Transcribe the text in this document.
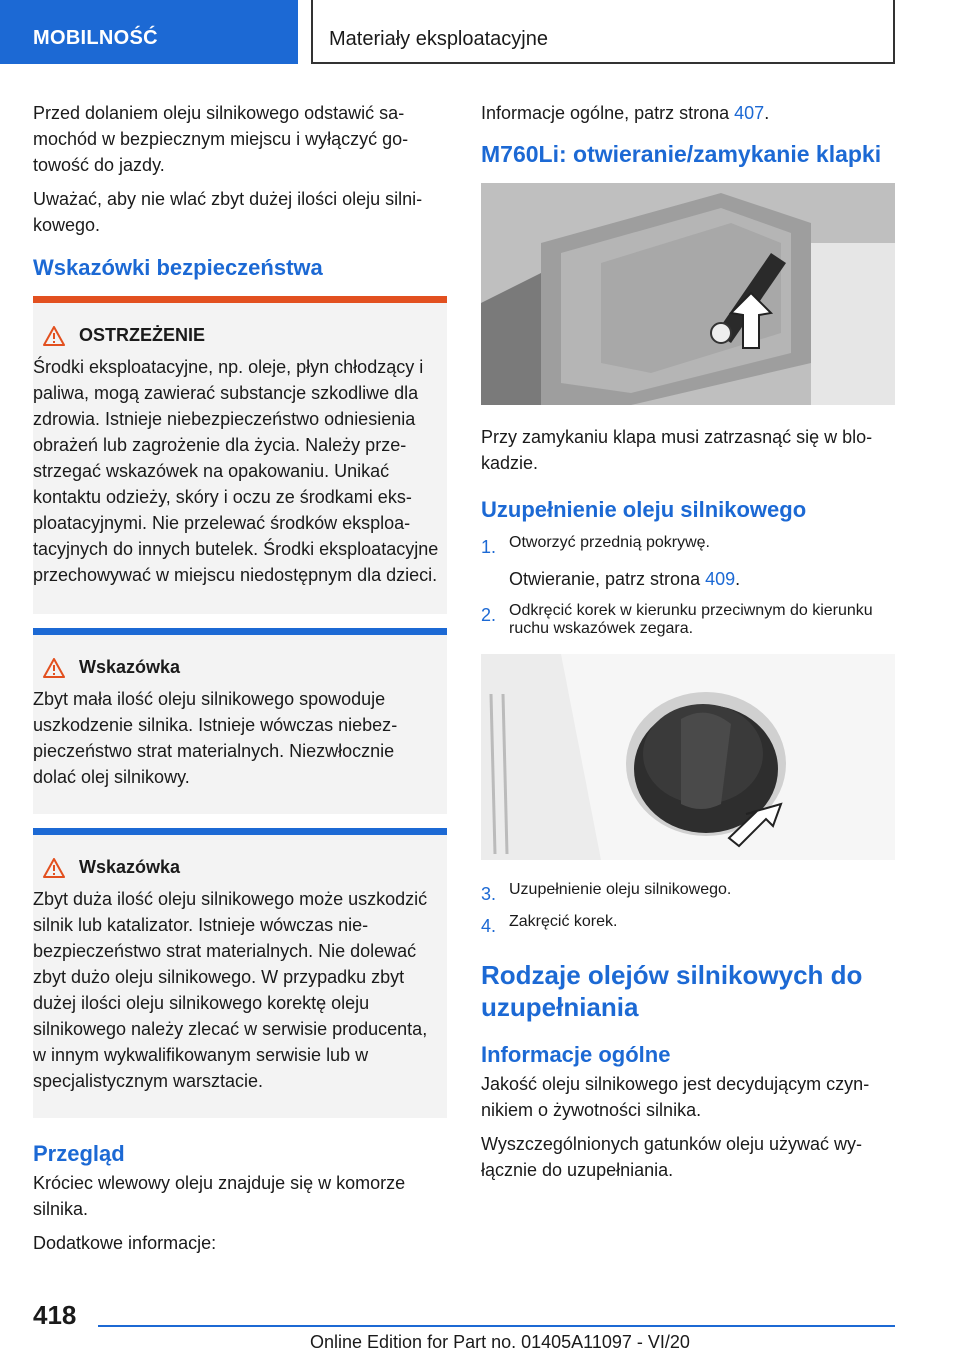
MOBILNOŚĆ	Materiały eksploatacyjne

Przed dolaniem oleju silnikowego odstawić samochód w bezpiecznym miejscu i wyłączyć gotowość do jazdy.

Uważać, aby nie wlać zbyt dużej ilości oleju silnikowego.

Wskazówki bezpieczeństwa
OSTRZEŻENIE

Środki eksploatacyjne, np. oleje, płyn chłodzący i paliwa, mogą zawierać substancje szkodliwe dla zdrowia. Istnieje niebezpieczeństwo odniesienia obrażeń lub zagrożenie dla życia. Należy przestrzegać wskazówek na opakowaniu. Unikać kontaktu odzieży, skóry i oczu ze środkami eksploatacyjnymi. Nie przelewać środków eksploatacyjnych do innych butelek. Środki eksploatacyjne przechowywać w miejscu niedostępnym dla dzieci.

Wskazówka

Zbyt mała ilość oleju silnikowego spowoduje uszkodzenie silnika. Istnieje wówczas niebezpieczeństwo strat materialnych. Niezwłocznie dolać olej silnikowy.

Wskazówka

Zbyt duża ilość oleju silnikowego może uszkodzić silnik lub katalizator. Istnieje wówczas niebezpieczeństwo strat materialnych. Nie dolewać zbyt dużo oleju silnikowego. W przypadku zbyt dużej ilości oleju silnikowego korektę oleju silnikowego należy zlecać w serwisie producenta, w innym wykwalifikowanym serwisie lub w specjalistycznym warsztacie.

Przegląd

Króciec wlewowy oleju znajduje się w komorze silnika.

Dodatkowe informacje:

Informacje ogólne, patrz strona 407.

M760Li: otwieranie/zamykanie klapki

Przy zamykaniu klapa musi zatrzasnąć się w blokadzie.

Uzupełnienie oleju silnikowego
1. Otworzyć przednią pokrywę.

Otwieranie, patrz strona 409.

2. Odkręcić korek w kierunku przeciwnym do kierunku ruchu wskazówek zegara.
3. Uzupełnienie oleju silnikowego.
4. Zakręcić korek.
Rodzaje olejów silnikowych do uzupełniania
Informacje ogólne

Jakość oleju silnikowego jest decydującym czynnikiem o żywotności silnika.

Wyszczególnionych gatunków oleju używać wyłącznie do uzupełniania.

418
Online Edition for Part no. 01405A11097 - VI/20
